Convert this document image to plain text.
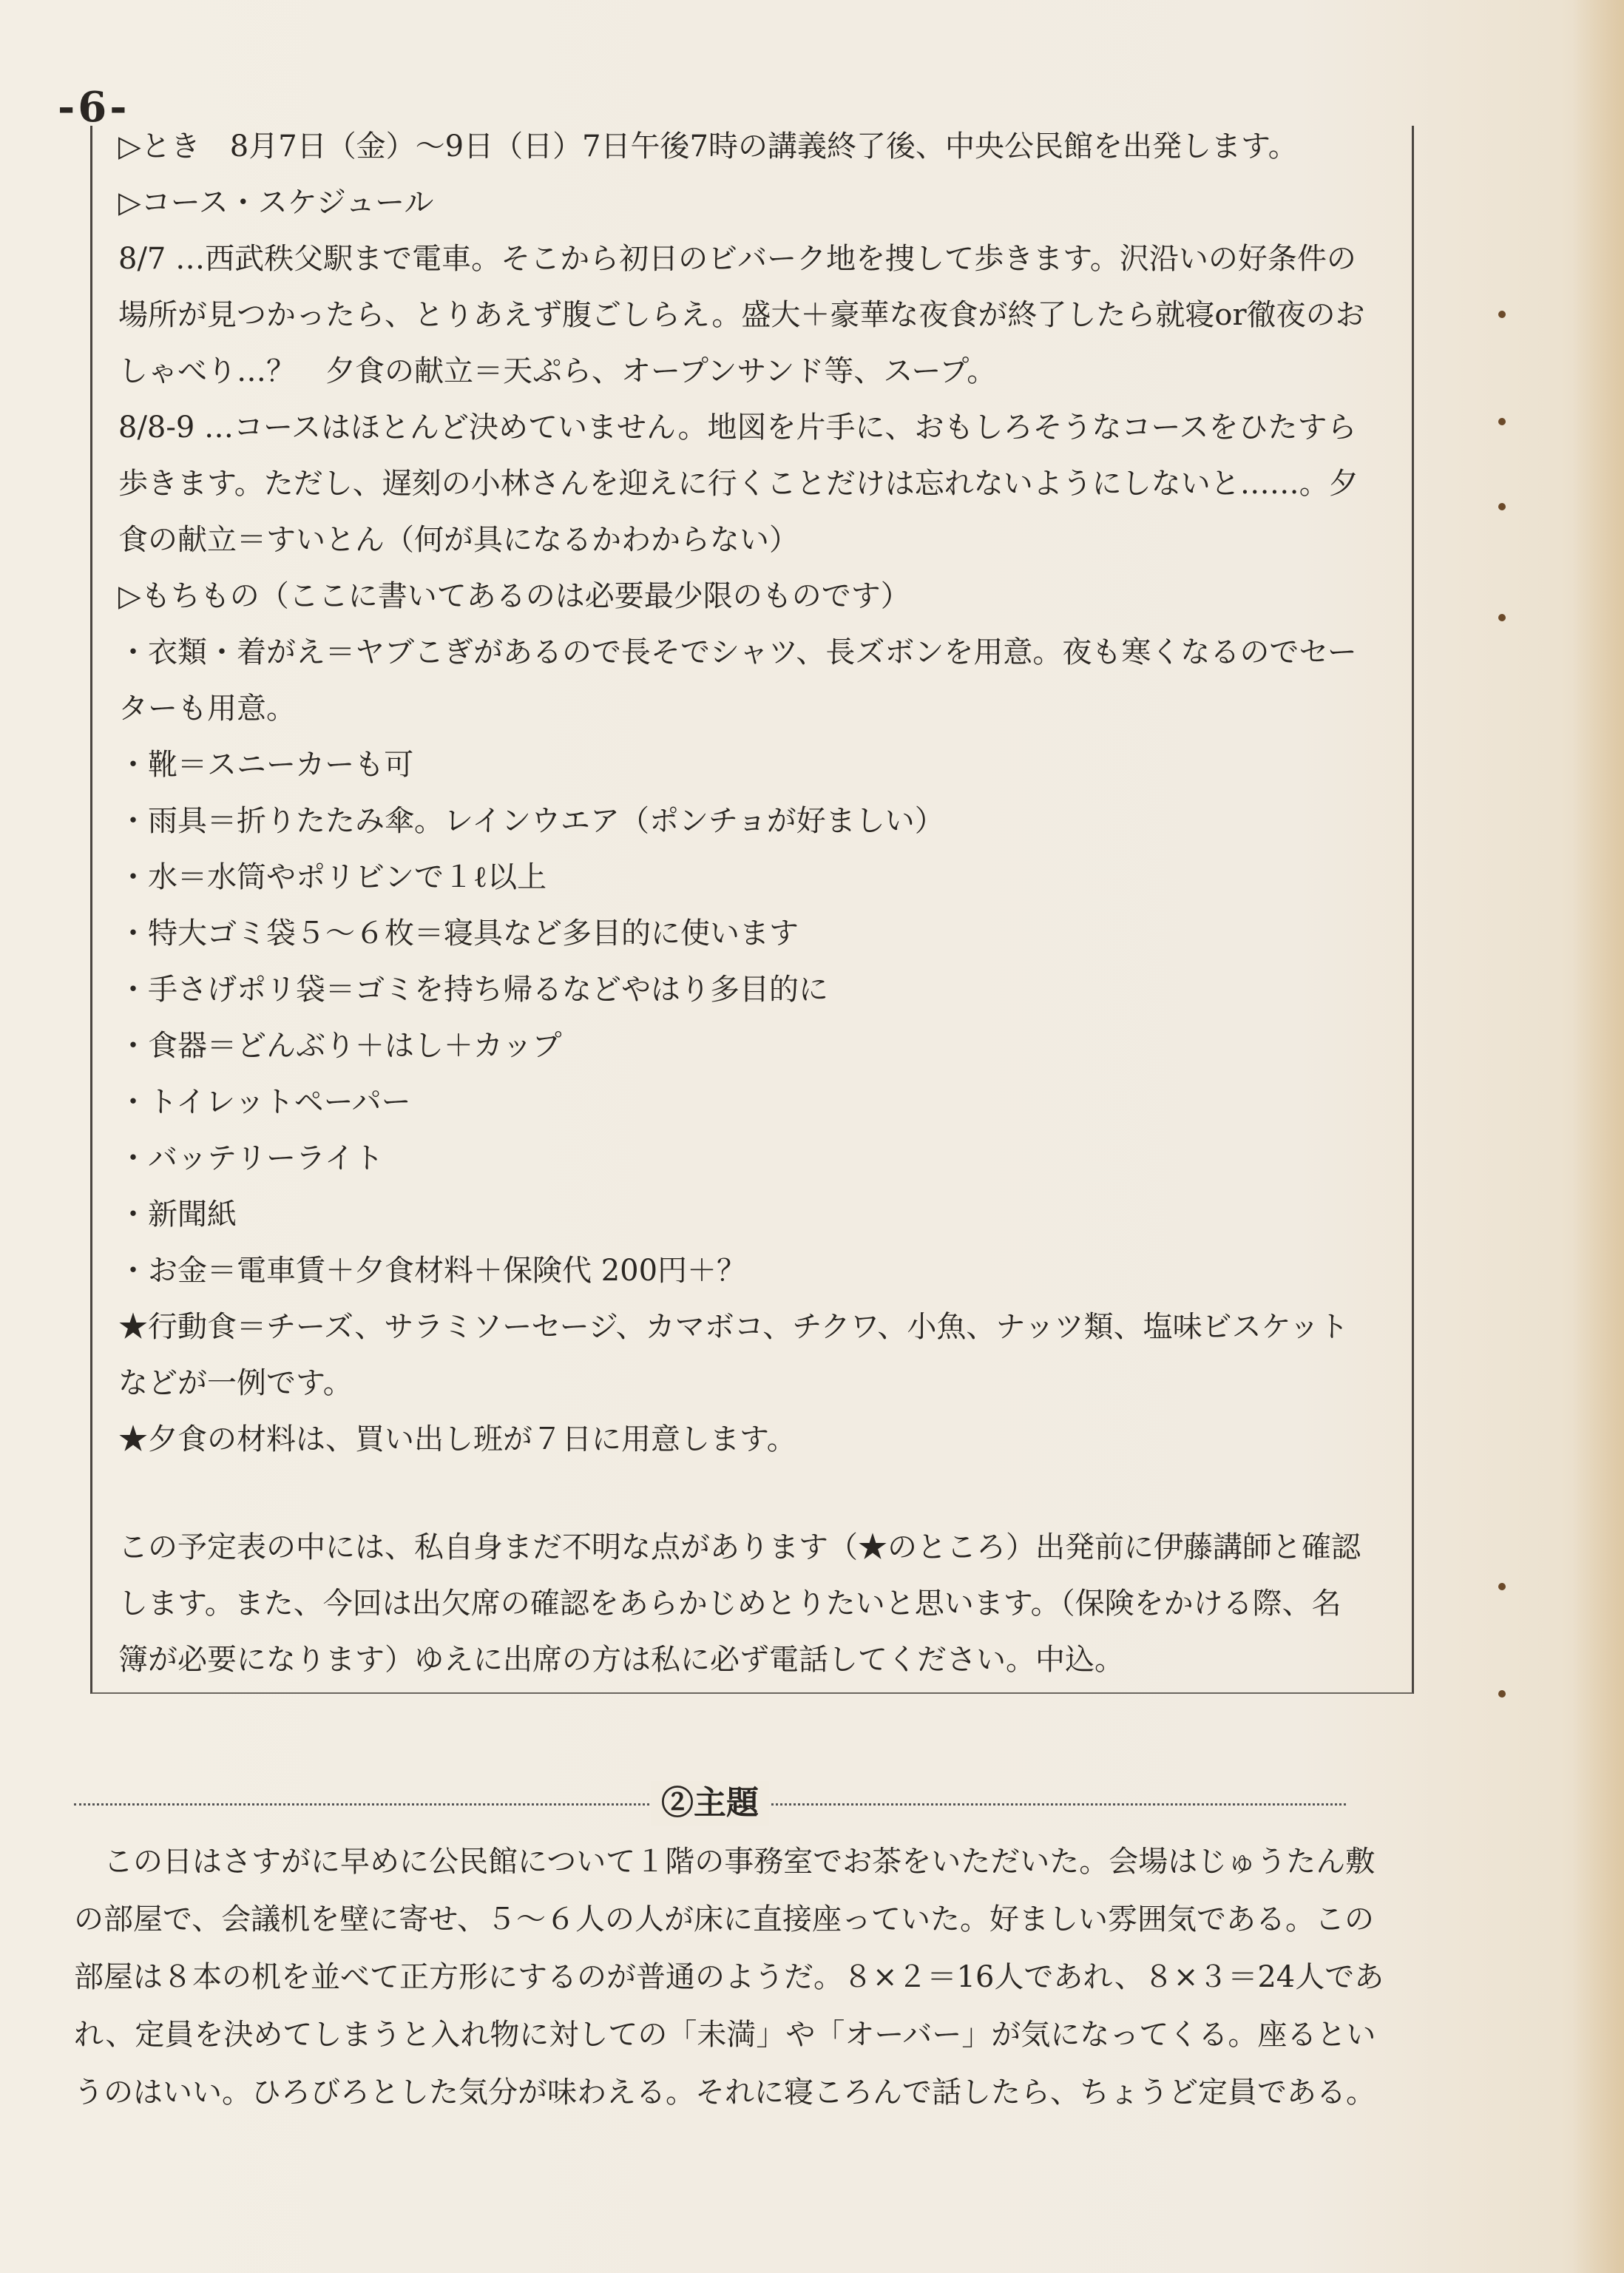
-6-
▷とき　8月7日（金）～9日（日）7日午後7時の講義終了後、中央公民館を出発します。
▷コース・スケジュール
8/7 …西武秩父駅まで電車。そこから初日のビバーク地を捜して歩きます。沢沿いの好条件の
場所が見つかったら、とりあえず腹ごしらえ。盛大＋豪華な夜食が終了したら就寝or徹夜のお
しゃべり…？　夕食の献立＝天ぷら、オープンサンド等、スープ。
8/8-9 …コースはほとんど決めていません。地図を片手に、おもしろそうなコースをひたすら
歩きます。ただし、遅刻の小林さんを迎えに行くことだけは忘れないようにしないと……。夕
食の献立＝すいとん（何が具になるかわからない）
▷もちもの（ここに書いてあるのは必要最少限のものです）
・衣類・着がえ＝ヤブこぎがあるので長そでシャツ、長ズボンを用意。夜も寒くなるのでセー
ターも用意。
・靴＝スニーカーも可
・雨具＝折りたたみ傘。レインウエア（ポンチョが好ましい）
・水＝水筒やポリビンで１ℓ以上
・特大ゴミ袋５～６枚＝寝具など多目的に使います
・手さげポリ袋＝ゴミを持ち帰るなどやはり多目的に
・食器＝どんぶり＋はし＋カップ
・トイレットペーパー
・バッテリーライト
・新聞紙
・お金＝電車賃＋夕食材料＋保険代 200円＋？
★行動食＝チーズ、サラミソーセージ、カマボコ、チクワ、小魚、ナッツ類、塩味ビスケット
などが一例です。
★夕食の材料は、買い出し班が７日に用意します。
この予定表の中には、私自身まだ不明な点があります（★のところ）出発前に伊藤講師と確認
します。また、今回は出欠席の確認をあらかじめとりたいと思います。（保険をかける際、名
簿が必要になります）ゆえに出席の方は私に必ず電話してください。中込。
②主題
　この日はさすがに早めに公民館について１階の事務室でお茶をいただいた。会場はじゅうたん敷
の部屋で、会議机を壁に寄せ、５～６人の人が床に直接座っていた。好ましい雰囲気である。この
部屋は８本の机を並べて正方形にするのが普通のようだ。８×２＝16人であれ、８×３＝24人であ
れ、定員を決めてしまうと入れ物に対しての「未満」や「オーバー」が気になってくる。座るとい
うのはいい。ひろびろとした気分が味わえる。それに寝ころんで話したら、ちょうど定員である。
